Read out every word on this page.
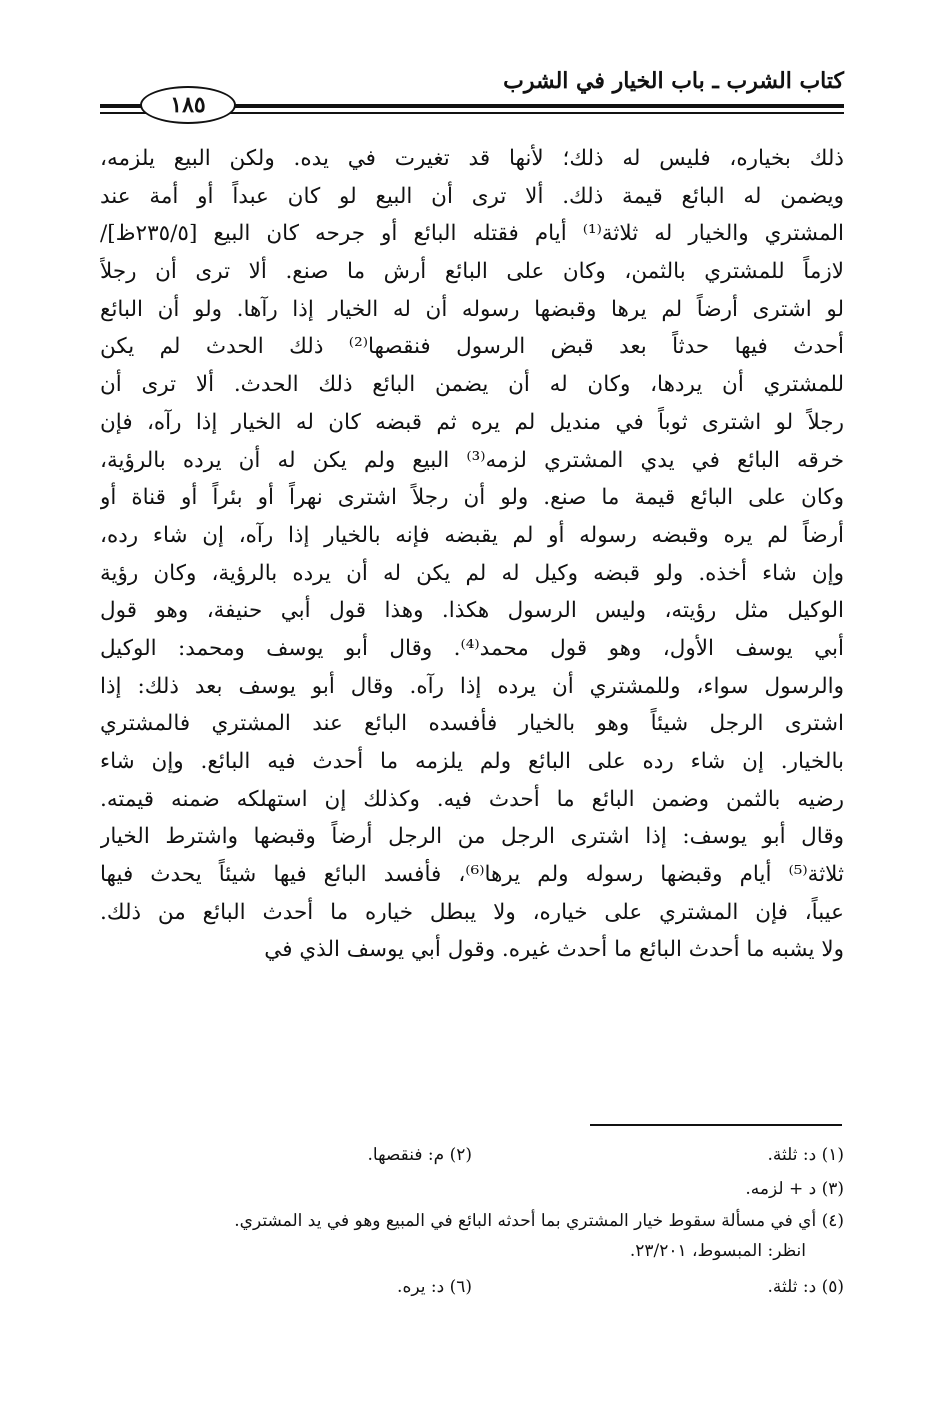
كتاب الشرب ـ باب الخيار في الشرب
١٨٥
ذلك بخياره، فليس له ذلك؛ لأنها قد تغيرت في يده. ولكن البيع يلزمه،
ويضمن له البائع قيمة ذلك. ألا ترى أن البيع لو كان عبداً أو أمة عند
المشتري والخيار له ثلاثة⁽¹⁾ أيام فقتله البائع أو جرحه كان البيع [٢٣٥/٥ظ]/
لازماً للمشتري بالثمن، وكان على البائع أرش ما صنع. ألا ترى أن رجلاً
لو اشترى أرضاً لم يرها وقبضها رسوله أن له الخيار إذا رآها. ولو أن البائع
أحدث فيها حدثاً بعد قبض الرسول فنقصها⁽²⁾ ذلك الحدث لم يكن
للمشتري أن يردها، وكان له أن يضمن البائع ذلك الحدث. ألا ترى أن
رجلاً لو اشترى ثوباً في منديل لم يره ثم قبضه كان له الخيار إذا رآه، فإن
خرقه البائع في يدي المشتري لزمه⁽³⁾ البيع ولم يكن له أن يرده بالرؤية،
وكان على البائع قيمة ما صنع. ولو أن رجلاً اشترى نهراً أو بئراً أو قناة أو
أرضاً لم يره وقبضه رسوله أو لم يقبضه فإنه بالخيار إذا رآه، إن شاء رده،
وإن شاء أخذه. ولو قبضه وكيل له لم يكن له أن يرده بالرؤية، وكان رؤية
الوكيل مثل رؤيته، وليس الرسول هكذا. وهذا قول أبي حنيفة، وهو قول
أبي يوسف الأول، وهو قول محمد⁽⁴⁾. وقال أبو يوسف ومحمد: الوكيل
والرسول سواء، وللمشتري أن يرده إذا رآه. وقال أبو يوسف بعد ذلك: إذا
اشترى الرجل شيئاً وهو بالخيار فأفسده البائع عند المشتري فالمشتري
بالخيار. إن شاء رده على البائع ولم يلزمه ما أحدث فيه البائع. وإن شاء
رضيه بالثمن وضمن البائع ما أحدث فيه. وكذلك إن استهلكه ضمنه قيمته.
وقال أبو يوسف: إذا اشترى الرجل من الرجل أرضاً وقبضها واشترط الخيار
ثلاثة⁽⁵⁾ أيام وقبضها رسوله ولم يرها⁽⁶⁾، فأفسد البائع فيها شيئاً يحدث فيها
عيباً، فإن المشتري على خياره، ولا يبطل خياره ما أحدث البائع من ذلك.
ولا يشبه ما أحدث البائع ما أحدث غيره. وقول أبي يوسف الذي في
(١) د: ثلثة.
(٢) م: فنقصها.
(٣) د + لزمه.
(٤) أي في مسألة سقوط خيار المشتري بما أحدثه البائع في المبيع وهو في يد المشتري.
انظر: المبسوط، ٢٣/٢٠١.
(٥) د: ثلثة.
(٦) د: يره.
